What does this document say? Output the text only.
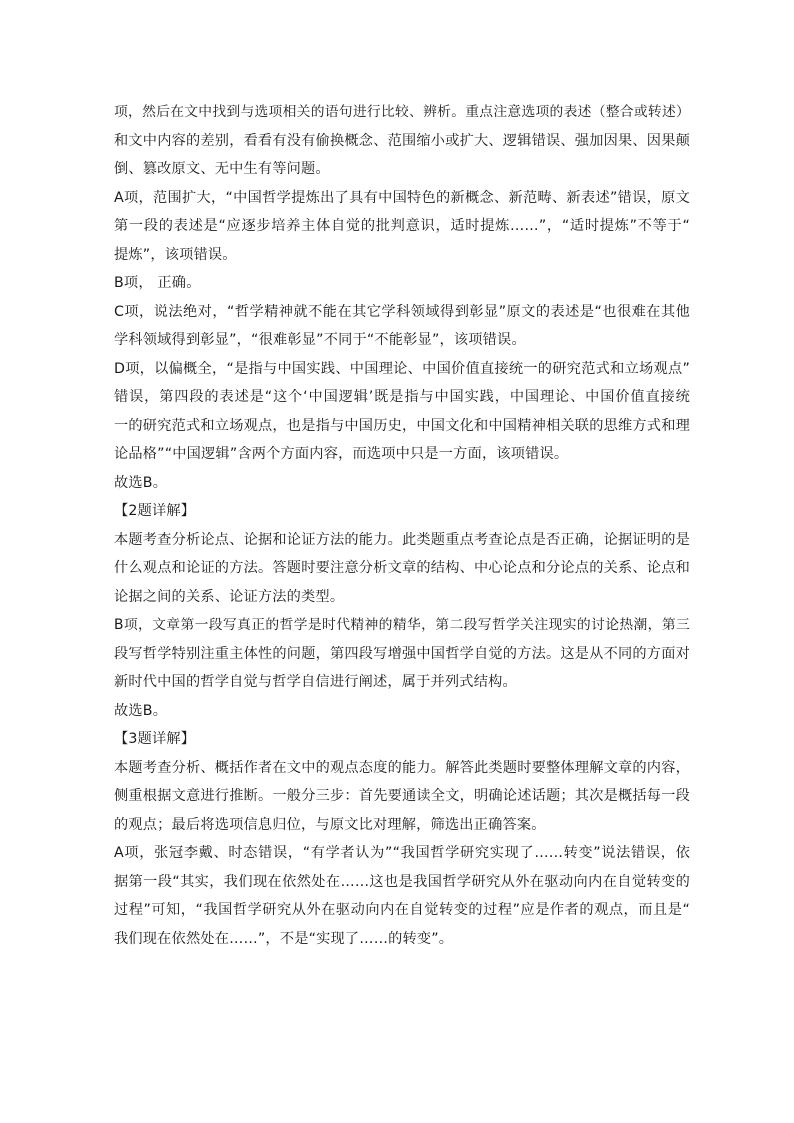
项，然后在文中找到与选项相关的语句进行比较、辨析。重点注意选项的表述（整合或转述）
和文中内容的差别，看看有没有偷换概念、范围缩小或扩大、逻辑错误、强加因果、因果颠
倒、篡改原文、无中生有等问题。
A项，范围扩大，“中国哲学提炼出了具有中国特色的新概念、新范畴、新表述”错误，原文
第一段的表述是“应逐步培养主体自觉的批判意识，适时提炼……”，“适时提炼”不等于“
提炼”，该项错误。
B项， 正确。
C项，说法绝对，“哲学精神就不能在其它学科领域得到彰显”原文的表述是“也很难在其他
学科领域得到彰显”，“很难彰显”不同于“不能彰显”，该项错误。
D项，以偏概全，“是指与中国实践、中国理论、中国价值直接统一的研究范式和立场观点”
错误，第四段的表述是“这个‘中国逻辑’既是指与中国实践，中国理论、中国价值直接统
一的研究范式和立场观点，也是指与中国历史，中国文化和中国精神相关联的思维方式和理
论品格”“中国逻辑”含两个方面内容，而选项中只是一方面，该项错误。
故选B。
【2题详解】
本题考查分析论点、论据和论证方法的能力。此类题重点考查论点是否正确，论据证明的是
什么观点和论证的方法。答题时要注意分析文章的结构、中心论点和分论点的关系、论点和
论据之间的关系、论证方法的类型。
B项，文章第一段写真正的哲学是时代精神的精华，第二段写哲学关注现实的讨论热潮，第三
段写哲学特别注重主体性的问题，第四段写增强中国哲学自觉的方法。这是从不同的方面对
新时代中国的哲学自觉与哲学自信进行阐述，属于并列式结构。
故选B。
【3题详解】
本题考查分析、概括作者在文中的观点态度的能力。解答此类题时要整体理解文章的内容，
侧重根据文意进行推断。一般分三步：首先要通读全文，明确论述话题；其次是概括每一段
的观点；最后将选项信息归位，与原文比对理解，筛选出正确答案。
A项，张冠李戴、时态错误，“有学者认为”“我国哲学研究实现了……转变”说法错误，依
据第一段“其实，我们现在依然处在……这也是我国哲学研究从外在驱动向内在自觉转变的
过程”可知，“我国哲学研究从外在驱动向内在自觉转变的过程”应是作者的观点，而且是“
我们现在依然处在……”，不是“实现了……的转变”。
